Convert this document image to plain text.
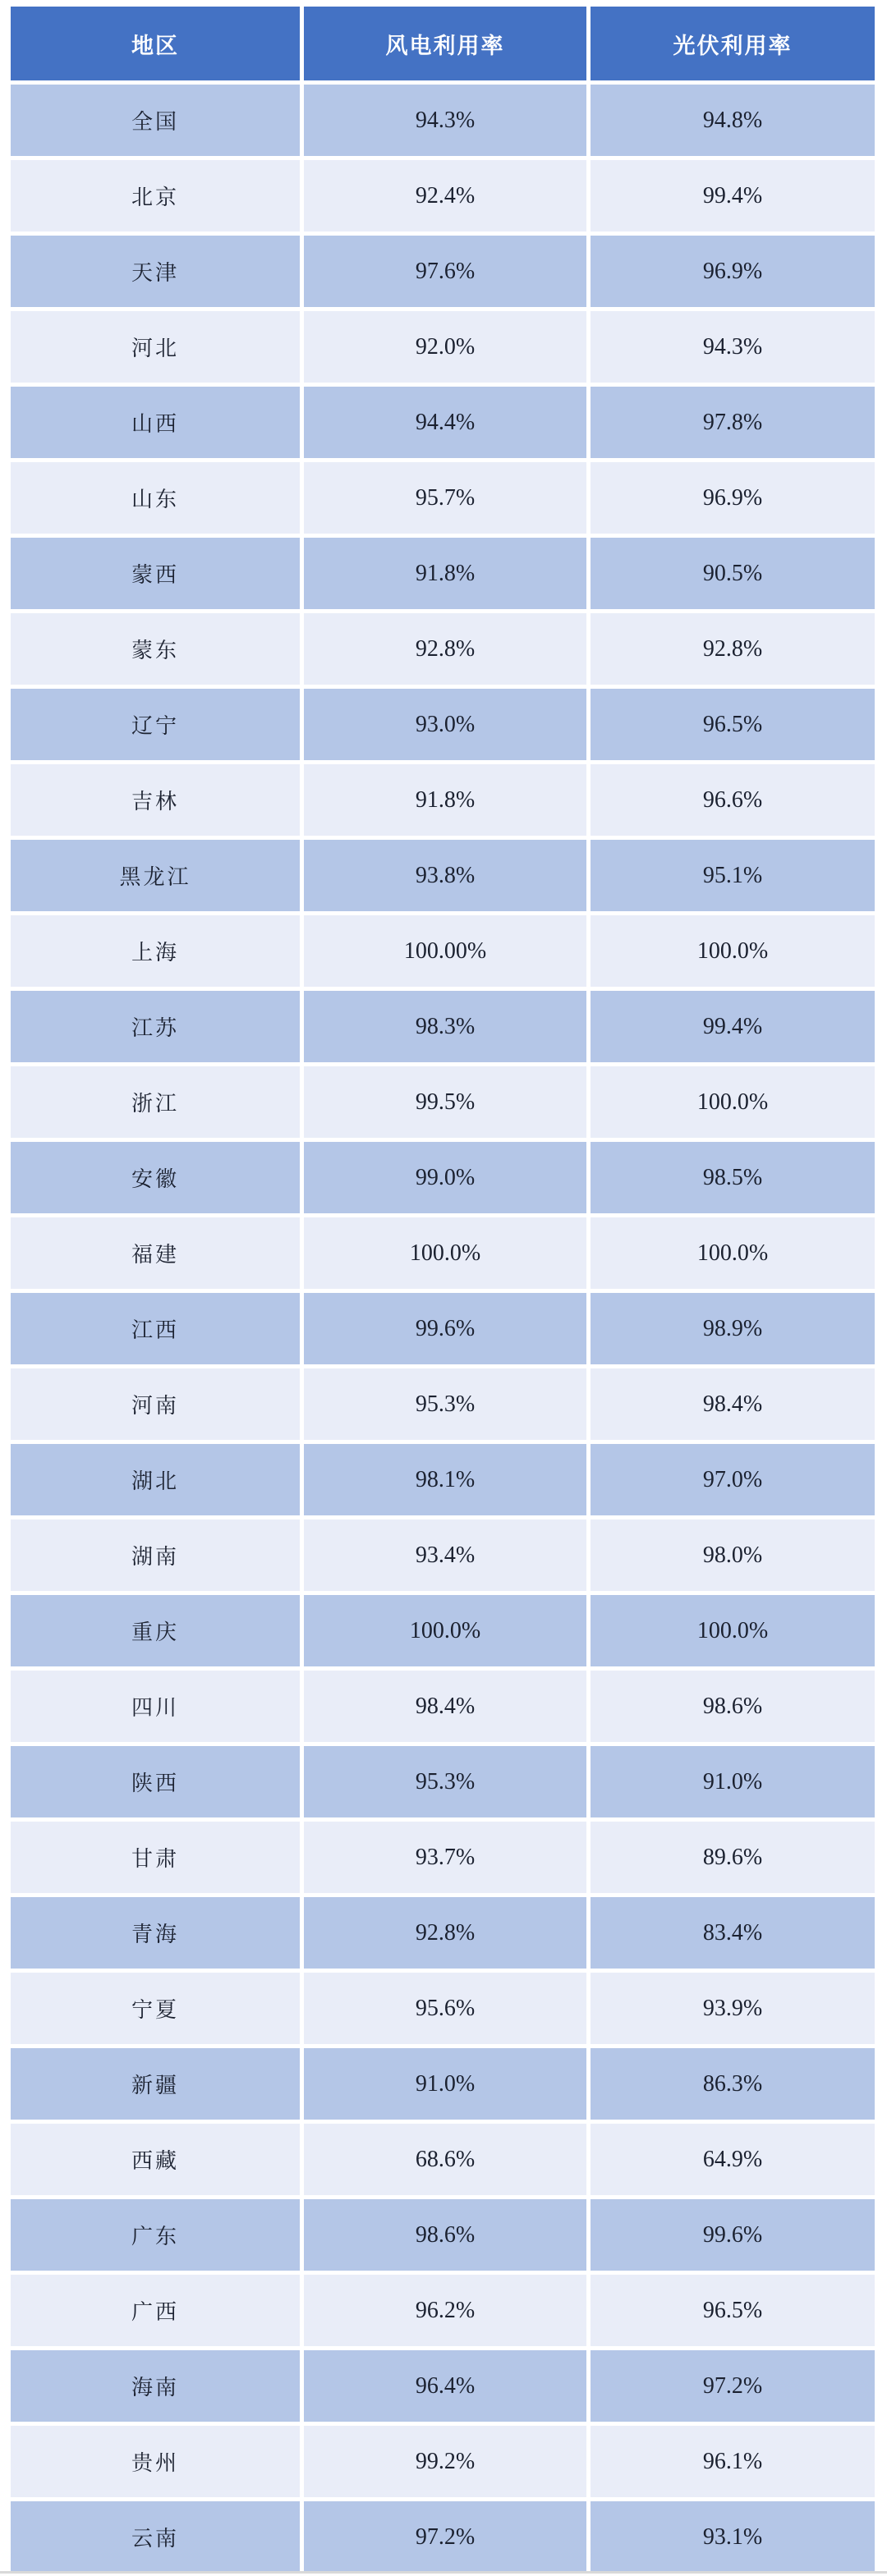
地区	风电利用率	光伏利用率
全国	94.3%	94.8%
北京	92.4%	99.4%
天津	97.6%	96.9%
河北	92.0%	94.3%
山西	94.4%	97.8%
山东	95.7%	96.9%
蒙西	91.8%	90.5%
蒙东	92.8%	92.8%
辽宁	93.0%	96.5%
吉林	91.8%	96.6%
黑龙江	93.8%	95.1%
上海	100.00%	100.0%
江苏	98.3%	99.4%
浙江	99.5%	100.0%
安徽	99.0%	98.5%
福建	100.0%	100.0%
江西	99.6%	98.9%
河南	95.3%	98.4%
湖北	98.1%	97.0%
湖南	93.4%	98.0%
重庆	100.0%	100.0%
四川	98.4%	98.6%
陕西	95.3%	91.0%
甘肃	93.7%	89.6%
青海	92.8%	83.4%
宁夏	95.6%	93.9%
新疆	91.0%	86.3%
西藏	68.6%	64.9%
广东	98.6%	99.6%
广西	96.2%	96.5%
海南	96.4%	97.2%
贵州	99.2%	96.1%
云南	97.2%	93.1%
